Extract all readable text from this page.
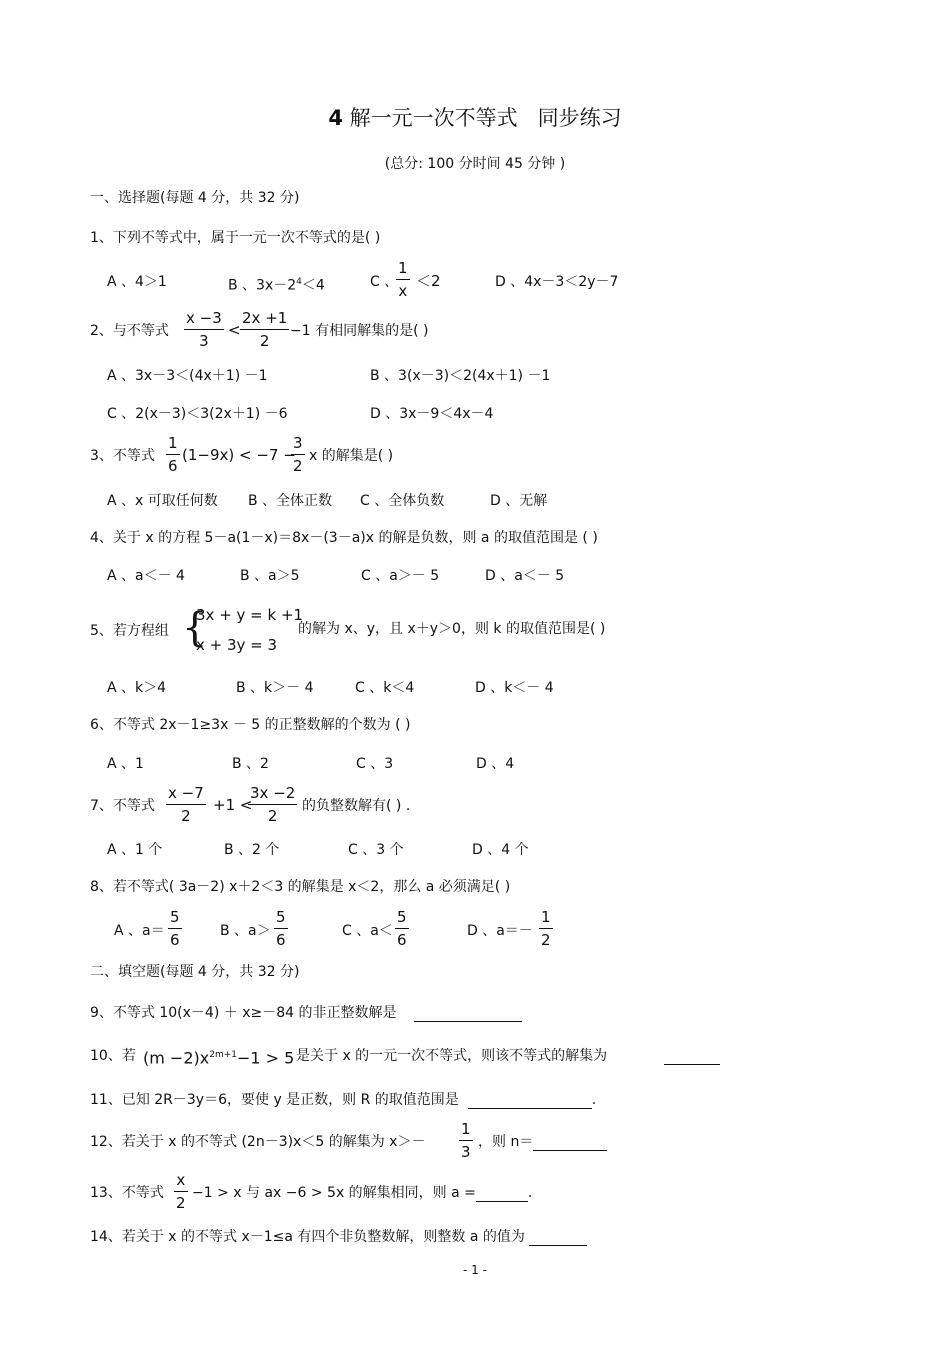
4 解一元一次不等式 同步练习
(总分: 100 分时间 45 分钟 )
一、选择题(每题 4 分，共 32 分)
1、下列不等式中，属于一元一次不等式的是( )
A 、4＞1	B 、$3x-2^4<4$	C 、
1
x
＜2	D 、4x－3＜2y－7
2、与不等式
x −3
3
<
2x +1
2
−1 有相同解集的是( )
A 、3x－3＜(4x＋1) －1	B 、3(x－3)＜2(4x＋1) －1
C 、2(x－3)＜3(2x＋1) －6	D 、3x－9＜4x－4
3、不等式
1
6
(1−9x) < −7 −
3
2
x 的解集是( )
A 、x 可取任何数 B 、全体正数 C 、全体负数	D 、无解
4、关于 x 的方程 5－a(1－x)＝8x－(3－a)x 的解是负数，则 a 的取值范围是 ( )
A 、a＜－ 4	B 、a＞5	C 、a＞－ 5	D 、a＜－ 5
5、若方程组 {
3x + y = k +1
x + 3y = 3
的解为 x、y，且 x＋y＞0，则 k 的取值范围是( )
A 、k＞4	B 、k＞－ 4	C 、k＜4	D 、k＜－ 4
6、不等式 2x－1≥3x － 5 的正整数解的个数为 ( )
A 、1	B 、2	C 、3	D 、4
7、不等式
x −7
2
+1 <
3x −2
2
的负整数解有( ) .
A 、1 个	B 、2 个	C 、3 个	D 、4 个
8、若不等式( 3a－2) x＋2＜3 的解集是 x＜2，那么 a 必须满足( )
A 、a＝
5
6	B 、a＞
5
6	C 、a＜
5
6	D 、a＝－
1
2
二、填空题(每题 4 分，共 32 分)
9、不等式 10(x－4) ＋ x≥－84 的非正整数解是
10、若 $(m -2)x^{2m+1}-1 > 5$ 是关于 x 的一元一次不等式，则该不等式的解集为
11、已知 2R－3y＝6，要使 y 是正数，则 R 的取值范围是	.
12、若关于 x 的不等式 (2n－3)x＜5 的解集为 x＞－
1
3
，则 n＝
13、不等式
x
2
−1 > x 与 ax −6 > 5x 的解集相同，则 a =	.
14、若关于 x 的不等式 x－1≤a 有四个非负整数解，则整数 a 的值为
- 1 -
